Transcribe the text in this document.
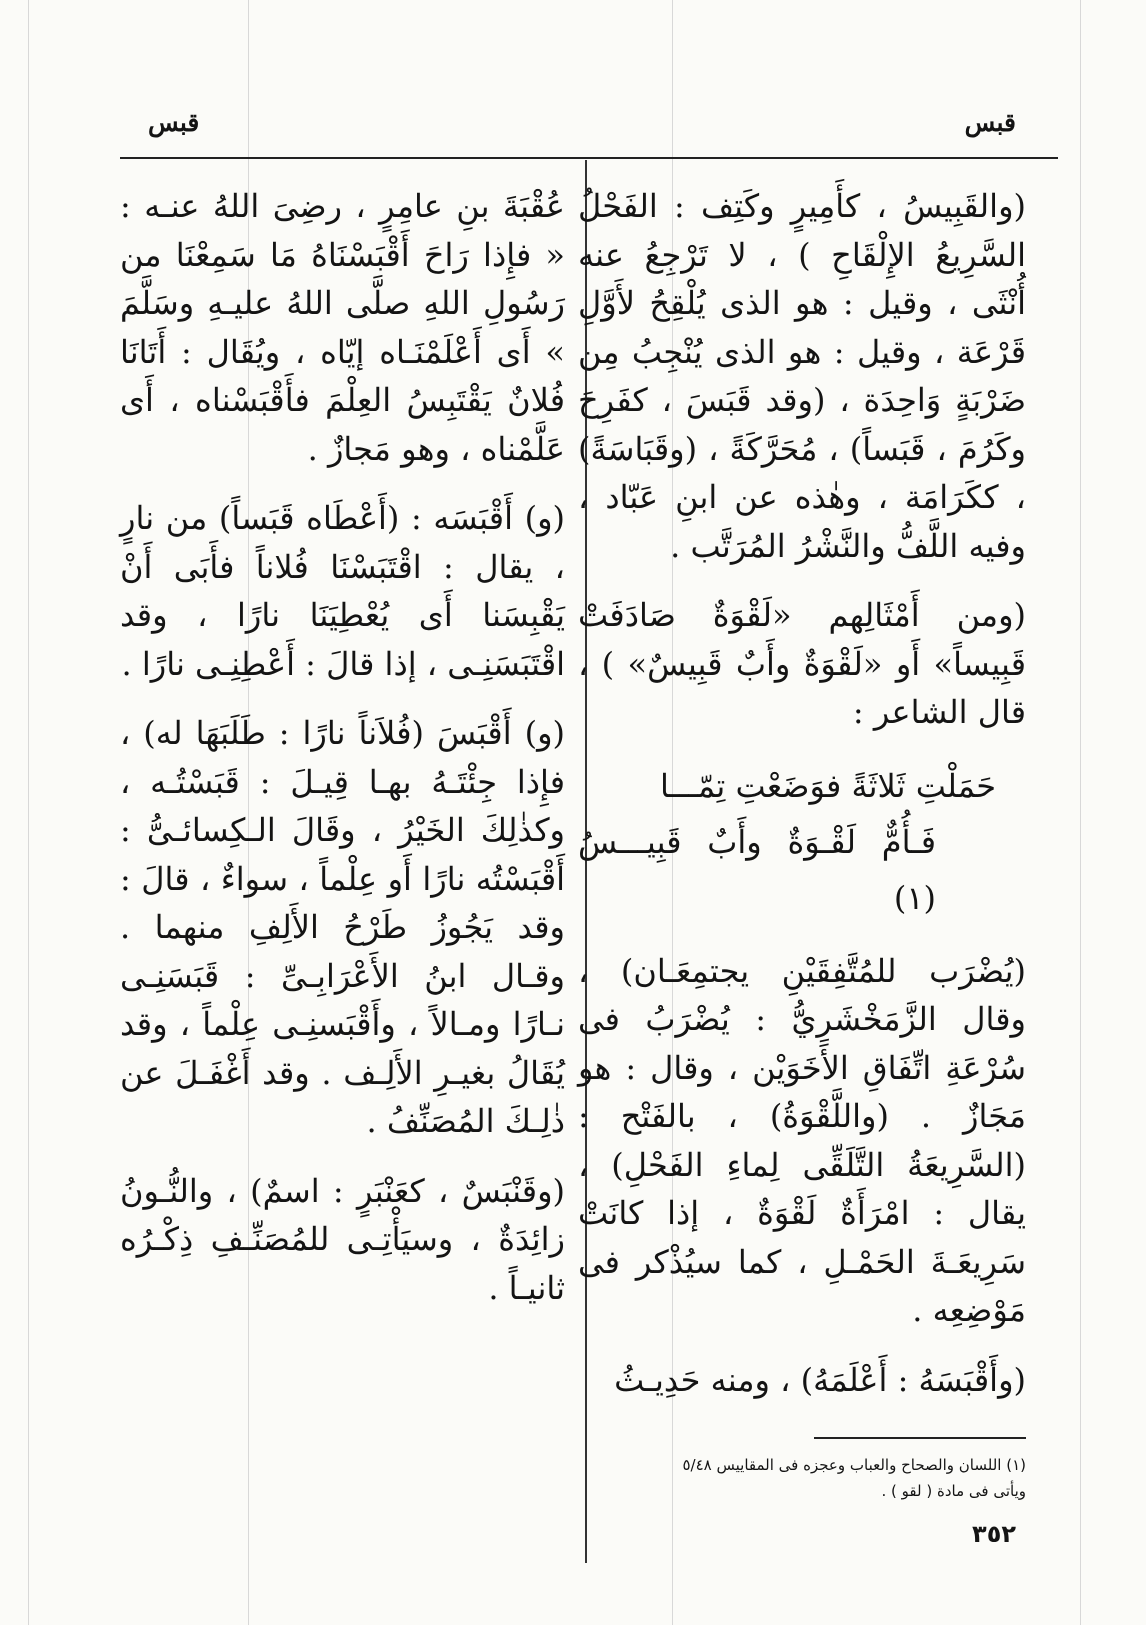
قبس
قبس

(والقَبِيسُ ، كأَمِيرٍ وكَتِف : الفَحْلُ السَّرِيعُ الإِلْقَاحِ ) ، لا تَرْجِعُ عنه أُنْثَى ، وقيل : هو الذى يُلْقِحُ لأَوَّلِ قَرْعَة ، وقيل : هو الذى يُنْجِبُ مِن ضَرْبَةٍ وَاحِدَة ، (وقد قَبَسَ ، كفَرِحَ وكَرُمَ ، قَبَساً) ، مُحَرَّكَةً ، (وقَبَاسَةً) ، ككَرَامَة ، وهٰذه عن ابنِ عَبّاد ، وفيه اللَّفُّ والنَّشْرُ المُرَتَّب .

(ومن أَمْثَالِهم «لَقْوَةٌ صَادَفَتْ قَبِيساً» أَو «لَقْوَةٌ وأَبٌ قَبِيسٌ» ) ، قال الشاعر :

حَمَلْتِ ثَلاثَةً فوَضَعْتِ تِمّـــا
فَـأُمٌّ لَقْـوَةٌ وأَبٌ قَبِيـــسُ (١)

(يُضْرَب للمُتَّفِقَيْنِ يجتمِعَـان) ، وقال الزَّمَخْشَرِيُّ : يُضْرَبُ فى سُرْعَةِ اتِّفَاقِ الأَخَوَيْن ، وقال : هو مَجَازٌ . (واللَّقْوَةُ) ، بالفَتْح : (السَّرِيعَةُ التَّلَقِّى لِماءِ الفَحْلِ) ، يقال : امْرَأَةٌ لَقْوَةٌ ، إذا كانَتْ سَرِيعَـةَ الحَمْـلِ ، كما سيُذْكر فى مَوْضِعِه .

(وأَقْبَسَهُ : أَعْلَمَهُ) ، ومنه حَدِيـثُ

عُقْبَةَ بنِ عامِرٍ ، رضِىَ اللهُ عنـه : « فإِذا رَاحَ أَقْبَسْنَاهُ مَا سَمِعْنَا من رَسُولِ اللهِ صلَّى اللهُ عليـهِ وسَلَّمَ » أَى أَعْلَمْنَـاه إيّاه ، ويُقَال : أَتَانَا فُلانٌ يَقْتَبِسُ العِلْمَ فأَقْبَسْناه ، أَى عَلَّمْناه ، وهو مَجازٌ .

(و) أَقْبَسَه : (أَعْطَاه قَبَساً) من نارٍ ، يقال : اقْتَبَسْنَا فُلاناً فأَبَى أَنْ يَقْبِسَنا أَى يُعْطِيَنَا نارًا ، وقد اقْتَبَسَنِـى ، إذا قالَ : أَعْطِنِـى نارًا .

(و) أَقْبَسَ (فُلاَناً نارًا : طَلَبَهَا له) ، فإِذا جِئْتَـهُ بهـا قِيـلَ : قَبَسْتُـه ، وكذٰلِكَ الخَيْرُ ، وقَالَ الـكِسائـىُّ : أَقْبَسْتُه نارًا أَو عِلْماً ، سواءٌ ، قالَ : وقد يَجُوزُ طَرْحُ الأَلِفِ منهما . وقـال ابنُ الأَعْرَابِـىِّ : قَبَسَنِـى نـارًا ومـالاً ، وأَقْبَسنِـى عِلْماً ، وقد يُقَالُ بغيـرِ الأَلِـف . وقد أَغْفَـلَ عن ذٰلِـكَ المُصَنِّفُ .

(وقَنْبَسٌ ، كعَنْبَرٍ : اسمٌ) ، والنُّـونُ زائِدَةٌ ، وسيَأْتِـى للمُصَنِّـفِ ذِكْـرُه ثانيـاً .

(١) اللسان والصحاح والعباب وعجزه فى المقاييس ٥/٤٨
ويأتى فى مادة ( لقو ) .
٣٥٢
